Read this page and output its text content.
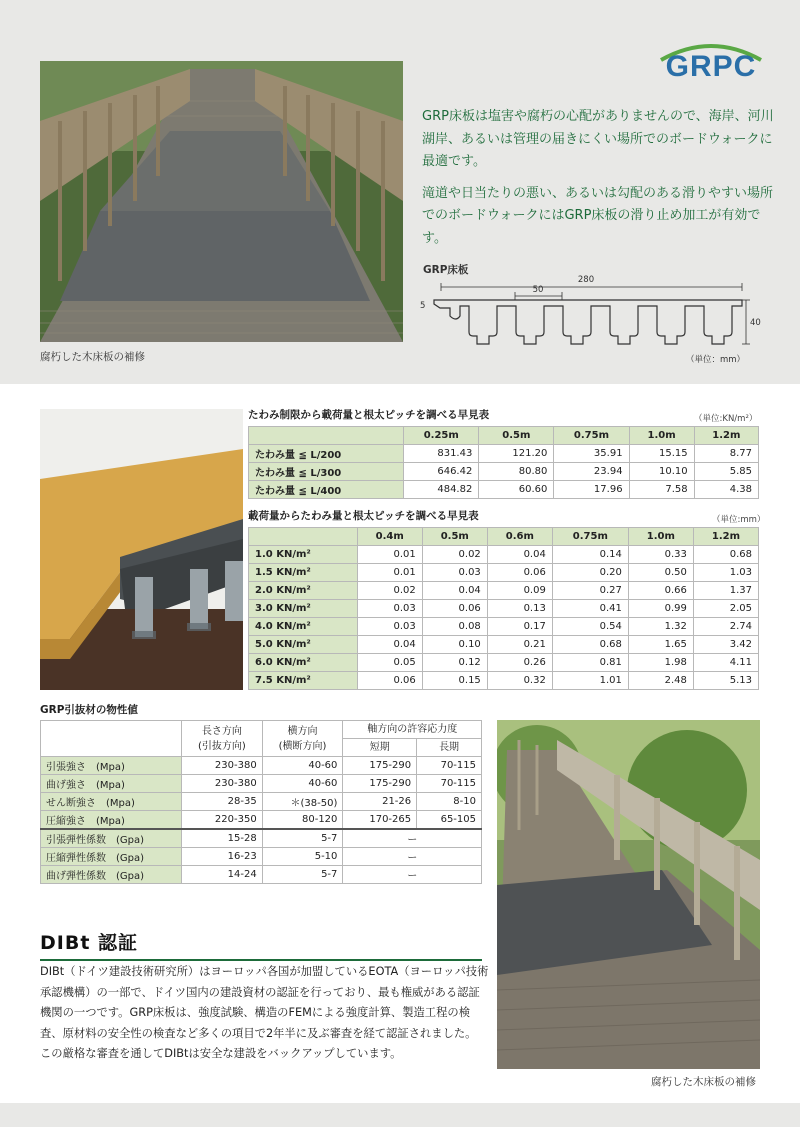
GRPC
腐朽した木床板の補修

GRP床板は塩害や腐朽の心配がありませんので、海岸、河川湖岸、あるいは管理の届きにくい場所でのボードウォークに最適です。

滝道や日当たりの悪い、あるいは勾配のある滑りやすい場所でのボードウォークにはGRP床板の滑り止め加工が有効です。

GRP床板
280
50
40
5
（単位：mm）
たわみ制限から載荷量と根太ピッチを調べる早見表	（単位:KN/m²）
	0.25m	0.5m	0.75m	1.0m	1.2m
たわみ量 ≦ L/200	831.43	121.20	35.91	15.15	8.77
たわみ量 ≦ L/300	646.42	80.80	23.94	10.10	5.85
たわみ量 ≦ L/400	484.82	60.60	17.96	7.58	4.38
載荷量からたわみ量と根太ピッチを調べる早見表	（単位:mm）
	0.4m	0.5m	0.6m	0.75m	1.0m	1.2m
1.0 KN/m²	0.01	0.02	0.04	0.14	0.33	0.68
1.5 KN/m²	0.01	0.03	0.06	0.20	0.50	1.03
2.0 KN/m²	0.02	0.04	0.09	0.27	0.66	1.37
3.0 KN/m²	0.03	0.06	0.13	0.41	0.99	2.05
4.0 KN/m²	0.03	0.08	0.17	0.54	1.32	2.74
5.0 KN/m²	0.04	0.10	0.21	0.68	1.65	3.42
6.0 KN/m²	0.05	0.12	0.26	0.81	1.98	4.11
7.5 KN/m²	0.06	0.15	0.32	1.01	2.48	5.13
GRP引抜材の物性値
	長さ方向
(引抜方向)	横方向
(横断方向)	軸方向の許容応力度	
			短期	長期
引張強さ (Mpa)	230-380	40-60	175-290	70-115
曲げ強さ (Mpa)	230-380	40-60	175-290	70-115
せん断強さ (Mpa)	28-35	＊(38-50)	21-26	8-10
圧縮強さ (Mpa)	220-350	80-120	170-265	65-105
引張弾性係数 (Gpa)	15-28	5-7	ー	
圧縮弾性係数 (Gpa)	16-23	5-10	ー	
曲げ弾性係数 (Gpa)	14-24	5-7	ー	
DIBt 認証

DIBt（ドイツ建設技術研究所）はヨーロッパ各国が加盟しているEOTA（ヨーロッパ技術承認機構）の一部で、ドイツ国内の建設資材の認証を行っており、最も権威がある認証機関の一つです。GRP床板は、強度試験、構造のFEMによる強度計算、製造工程の検査、原材料の安全性の検査など多くの項目で2年半に及ぶ審査を経て認証されました。

この厳格な審査を通してDIBtは安全な建設をバックアップしています。

腐朽した木床板の補修
